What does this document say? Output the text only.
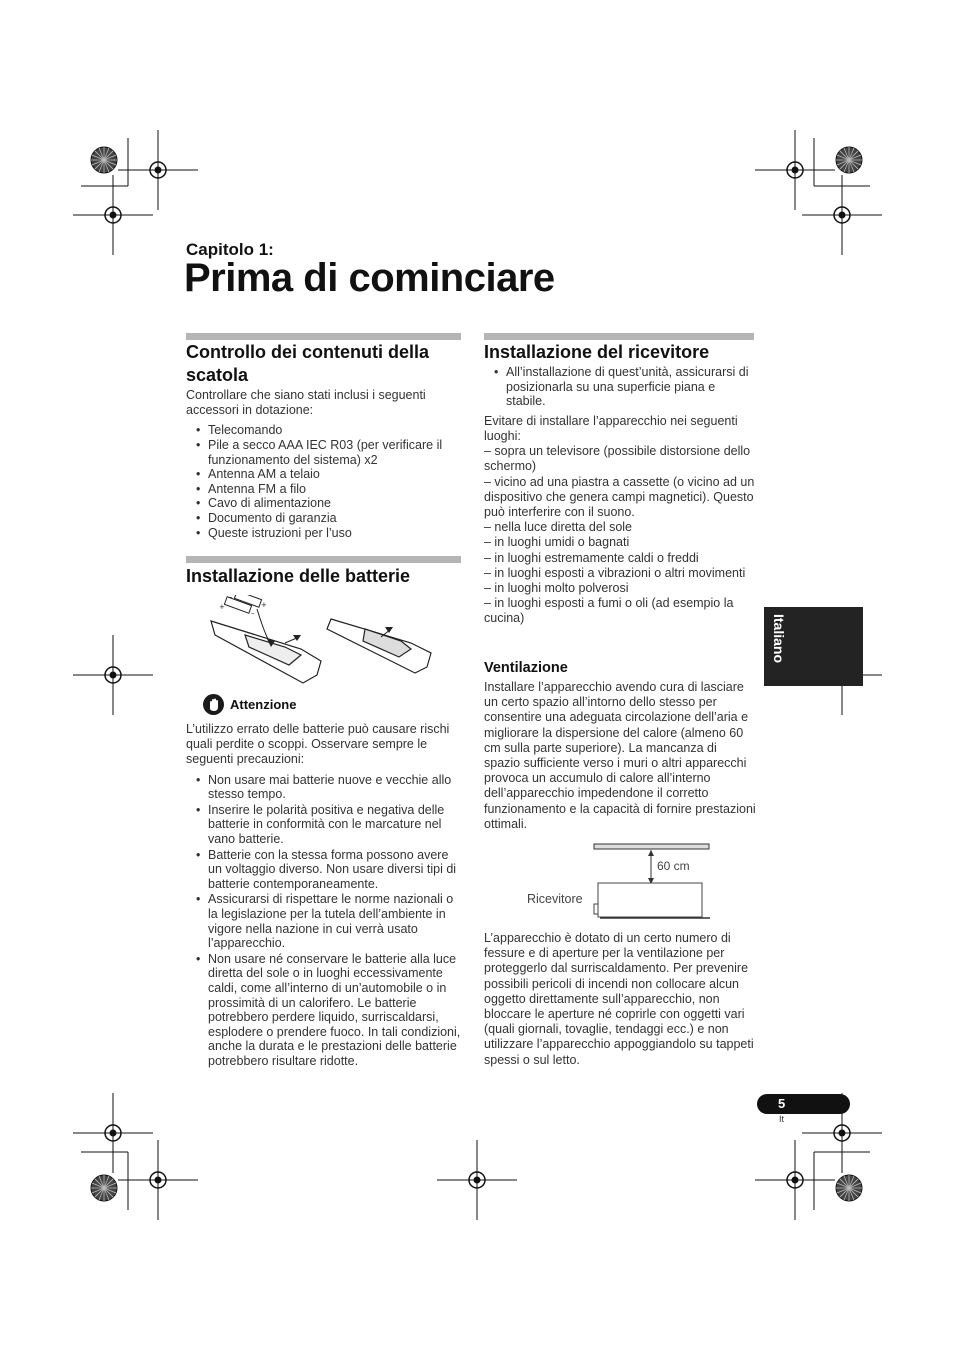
Capitolo 1:
Prima di cominciare
Controllo dei contenuti della scatola

Controllare che siano stati inclusi i seguenti accessori in dotazione:

• Telecomando
• Pile a secco AAA IEC R03 (per verificare il funzionamento del sistema) x2
• Antenna AM a telaio
• Antenna FM a filo
• Cavo di alimentazione
• Documento di garanzia
• Queste istruzioni per l’uso
Installazione delle batterie
+
–
–
+
Attenzione

L’utilizzo errato delle batterie può causare rischi quali perdite o scoppi. Osservare sempre le seguenti precauzioni:

• Non usare mai batterie nuove e vecchie allo stesso tempo.
• Inserire le polarità positiva e negativa delle batterie in conformità con le marcature nel vano batterie.
• Batterie con la stessa forma possono avere un voltaggio diverso. Non usare diversi tipi di batterie contemporaneamente.
• Assicurarsi di rispettare le norme nazionali o la legislazione per la tutela dell’ambiente in vigore nella nazione in cui verrà usato l’apparecchio.
• Non usare né conservare le batterie alla luce diretta del sole o in luoghi eccessivamente caldi, come all’interno di un’automobile o in prossimità di un calorifero. Le batterie potrebbero perdere liquido, surriscaldarsi, esplodere o prendere fuoco. In tali condizioni, anche la durata e le prestazioni delle batterie potrebbero risultare ridotte.
Installazione del ricevitore
• All’installazione di quest’unità, assicurarsi di posizionarla su una superficie piana e stabile.

Evitare di installare l’apparecchio nei seguenti luoghi:

– sopra un televisore (possibile distorsione dello schermo)

– vicino ad una piastra a cassette (o vicino ad un dispositivo che genera campi magnetici). Questo può interferire con il suono.

– nella luce diretta del sole

– in luoghi umidi o bagnati

– in luoghi estremamente caldi o freddi

– in luoghi esposti a vibrazioni o altri movimenti

– in luoghi molto polverosi

– in luoghi esposti a fumi o oli (ad esempio la cucina)

Ventilazione

Installare l’apparecchio avendo cura di lasciare un certo spazio all’intorno dello stesso per consentire una adeguata circolazione dell’aria e migliorare la dispersione del calore (almeno 60 cm sulla parte superiore). La mancanza di spazio sufficiente verso i muri o altri apparecchi provoca un accumulo di calore all’interno dell’apparecchio impedendone il corretto funzionamento e la capacità di fornire prestazioni ottimali.

60 cm
Ricevitore

L’apparecchio è dotato di un certo numero di fessure e di aperture per la ventilazione per proteggerlo dal surriscaldamento. Per prevenire possibili pericoli di incendi non collocare alcun oggetto direttamente sull’apparecchio, non bloccare le aperture né coprirle con oggetti vari (quali giornali, tovaglie, tendaggi ecc.) e non utilizzare l’apparecchio appoggiandolo su tappeti spessi o sul letto.

Italiano
5
It
